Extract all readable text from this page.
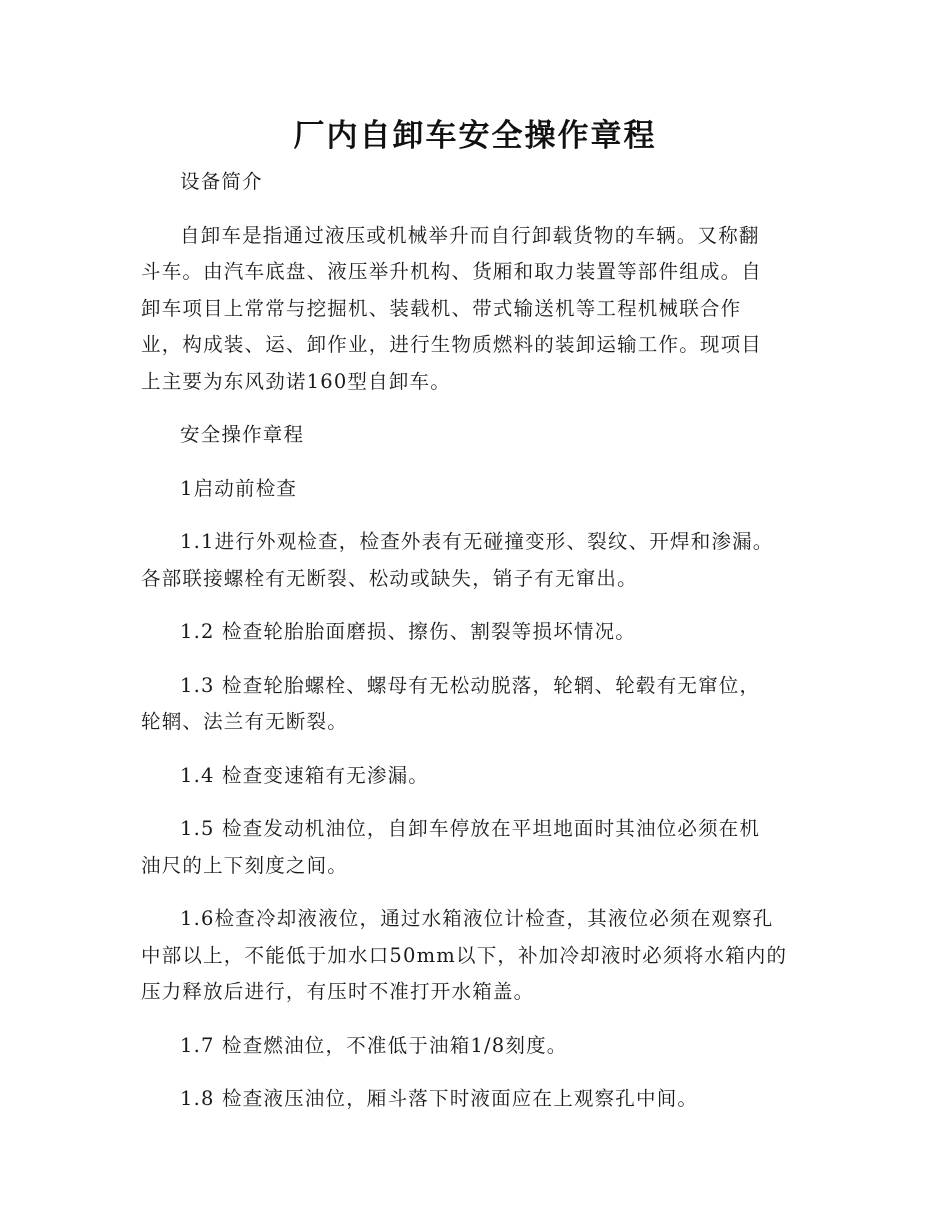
厂内自卸车安全操作章程
设备简介
自卸车是指通过液压或机械举升而自行卸载货物的车辆。又称翻
斗车。由汽车底盘、液压举升机构、货厢和取力装置等部件组成。自
卸车项目上常常与挖掘机、装载机、带式输送机等工程机械联合作
业，构成装、运、卸作业，进行生物质燃料的装卸运输工作。现项目
上主要为东风劲诺160型自卸车。
安全操作章程
1启动前检查
1.1进行外观检查，检查外表有无碰撞变形、裂纹、开焊和渗漏。
各部联接螺栓有无断裂、松动或缺失，销子有无窜出。
1.2 检查轮胎胎面磨损、擦伤、割裂等损坏情况。
1.3 检查轮胎螺栓、螺母有无松动脱落，轮辋、轮毂有无窜位，
轮辋、法兰有无断裂。
1.4 检查变速箱有无渗漏。
1.5 检查发动机油位，自卸车停放在平坦地面时其油位必须在机
油尺的上下刻度之间。
1.6检查冷却液液位，通过水箱液位计检查，其液位必须在观察孔
中部以上，不能低于加水口50mm以下，补加冷却液时必须将水箱内的
压力释放后进行，有压时不准打开水箱盖。
1.7 检查燃油位，不准低于油箱1/8刻度。
1.8 检查液压油位，厢斗落下时液面应在上观察孔中间。
